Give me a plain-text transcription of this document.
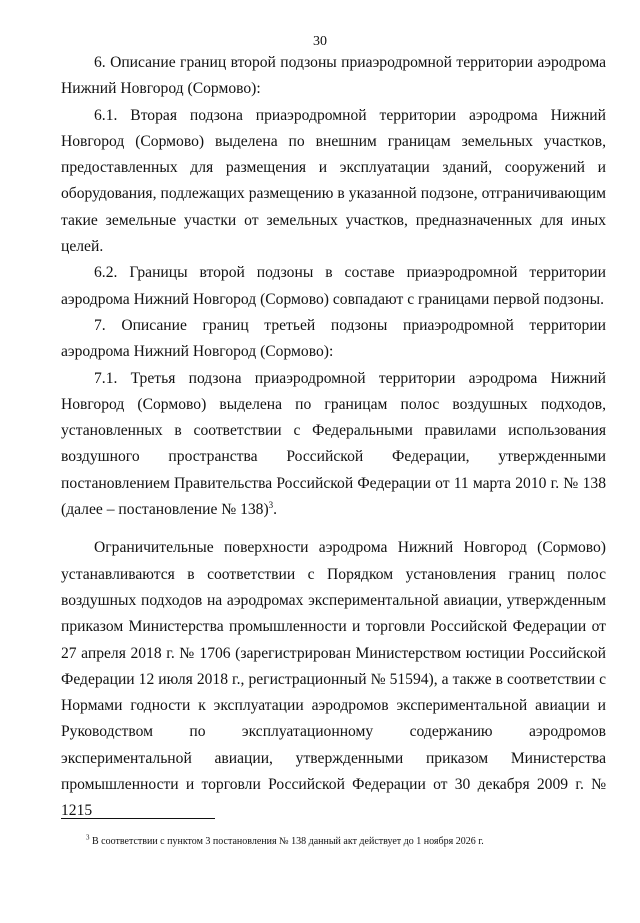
30

6. Описание границ второй подзоны приаэродромной территории аэродрома Нижний Новгород (Сормово):

6.1. Вторая подзона приаэродромной территории аэродрома Нижний Новгород (Сормово) выделена по внешним границам земельных участков, предоставленных для размещения и эксплуатации зданий, сооружений и оборудования, подлежащих размещению в указанной подзоне, отграничивающим такие земельные участки от земельных участков, предназначенных для иных целей.

6.2. Границы второй подзоны в составе приаэродромной территории аэродрома Нижний Новгород (Сормово) совпадают с границами первой подзоны.

7. Описание границ третьей подзоны приаэродромной территории аэродрома Нижний Новгород (Сормово):

7.1. Третья подзона приаэродромной территории аэродрома Нижний Новгород (Сормово) выделена по границам полос воздушных подходов, установленных в соответствии с Федеральными правилами использования воздушного пространства Российской Федерации, утвержденными постановлением Правительства Российской Федерации от 11 марта 2010 г. № 138 (далее – постановление № 138)$^3$.

Ограничительные поверхности аэродрома Нижний Новгород (Сормово) устанавливаются в соответствии с Порядком установления границ полос воздушных подходов на аэродромах экспериментальной авиации, утвержденным приказом Министерства промышленности и торговли Российской Федерации от 27 апреля 2018 г. № 1706 (зарегистрирован Министерством юстиции Российской Федерации 12 июля 2018 г., регистрационный № 51594), а также в соответствии с Нормами годности к эксплуатации аэродромов экспериментальной авиации и Руководством по эксплуатационному содержанию аэродромов экспериментальной авиации, утвержденными приказом Министерства промышленности и торговли Российской Федерации от 30 декабря 2009 г. № 1215

$^3$ В соответствии с пунктом 3 постановления № 138 данный акт действует до 1 ноября 2026 г.
